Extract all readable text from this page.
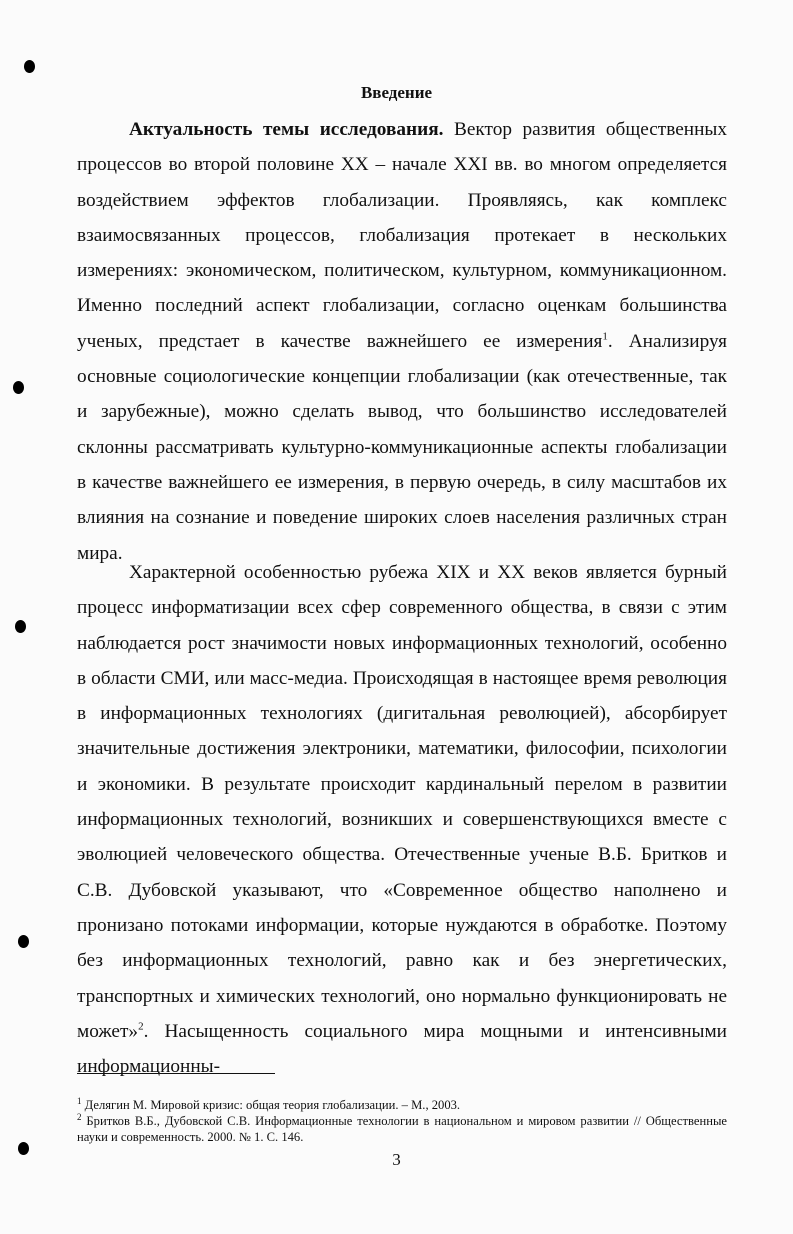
Введение

Актуальность темы исследования. Вектор развития общественных процессов во второй половине XX – начале XXI вв. во многом определяется воздействием эффектов глобализации. Проявляясь, как комплекс взаимосвязанных процессов, глобализация протекает в нескольких измерениях: экономическом, политическом, культурном, коммуникационном. Именно последний аспект глобализации, согласно оценкам большинства ученых, предстает в качестве важнейшего ее измерения$^1$. Анализируя основные социологические концепции глобализации (как отечественные, так и зарубежные), можно сделать вывод, что большинство исследователей склонны рассматривать культурно-коммуникационные аспекты глобализации в качестве важнейшего ее измерения, в первую очередь, в силу масштабов их влияния на сознание и поведение широких слоев населения различных стран мира.

Характерной особенностью рубежа XIX и XX веков является бурный процесс информатизации всех сфер современного общества, в связи с этим наблюдается рост значимости новых информационных технологий, особенно в области СМИ, или масс-медиа. Происходящая в настоящее время революция в информационных технологиях (дигитальная революцией), абсорбирует значительные достижения электроники, математики, философии, психологии и экономики. В результате происходит кардинальный перелом в развитии информационных технологий, возникших и совершенствующихся вместе с эволюцией человеческого общества. Отечественные ученые В.Б. Бритков и С.В. Дубовской указывают, что «Современное общество наполнено и пронизано потоками информации, которые нуждаются в обработке. Поэтому без информационных технологий, равно как и без энергетических, транспортных и химических технологий, оно нормально функционировать не может»$^2$. Насыщенность социального мира мощными и интенсивными информационны-

$^1$ Делягин М. Мировой кризис: общая теория глобализации. – М., 2003.

$^2$ Бритков В.Б., Дубовской С.В. Информационные технологии в национальном и мировом развитии // Общественные науки и современность. 2000. № 1. С. 146.

3
